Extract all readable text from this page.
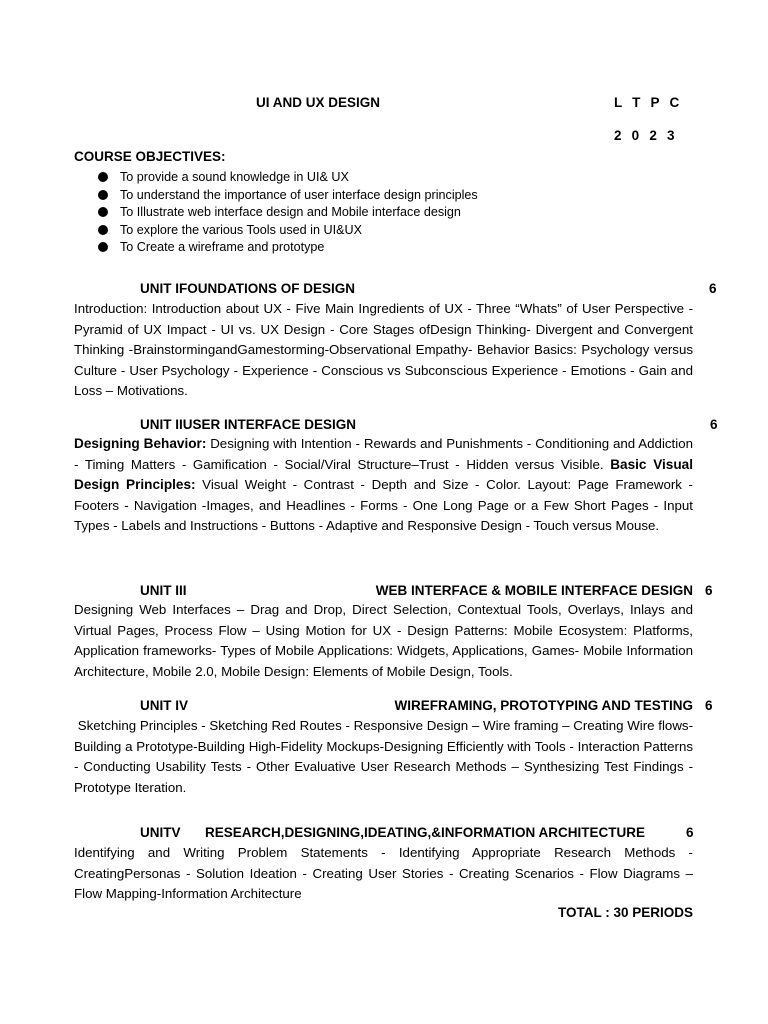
UI AND UX DESIGN	L T P C
2 0 2 3
COURSE OBJECTIVES:
To provide a sound knowledge in UI& UX
To understand the importance of user interface design principles
To Illustrate web interface design and Mobile interface design
To explore the various Tools used in UI&UX
To Create a wireframe and prototype
UNIT IFOUNDATIONS OF DESIGN	6

Introduction: Introduction about UX - Five Main Ingredients of UX - Three “Whats” of User Perspective - Pyramid of UX Impact - UI vs. UX Design - Core Stages ofDesign Thinking- Divergent and Convergent Thinking -BrainstormingandGamestorming-Observational Empathy- Behavior Basics: Psychology versus Culture - User Psychology - Experience - Conscious vs Subconscious Experience - Emotions - Gain and Loss – Motivations.

UNIT IIUSER INTERFACE DESIGN	6

Designing Behavior: Designing with Intention - Rewards and Punishments - Conditioning and Addiction - Timing Matters - Gamification - Social/Viral Structure–Trust - Hidden versus Visible. Basic Visual Design Principles: Visual Weight - Contrast - Depth and Size - Color. Layout: Page Framework - Footers - Navigation -Images, and Headlines - Forms - One Long Page or a Few Short Pages - Input Types - Labels and Instructions - Buttons - Adaptive and Responsive Design - Touch versus Mouse.

UNIT III	WEB INTERFACE & MOBILE INTERFACE DESIGN 6

Designing Web Interfaces – Drag and Drop, Direct Selection, Contextual Tools, Overlays, Inlays and Virtual Pages, Process Flow – Using Motion for UX - Design Patterns: Mobile Ecosystem: Platforms, Application frameworks- Types of Mobile Applications: Widgets, Applications, Games- Mobile Information Architecture, Mobile 2.0, Mobile Design: Elements of Mobile Design, Tools.

UNIT IV	WIREFRAMING, PROTOTYPING AND TESTING 6

Sketching Principles - Sketching Red Routes - Responsive Design – Wire framing – Creating Wire flows-Building a Prototype-Building High-Fidelity Mockups-Designing Efficiently with Tools - Interaction Patterns - Conducting Usability Tests - Other Evaluative User Research Methods – Synthesizing Test Findings -Prototype Iteration.

UNITV RESEARCH,DESIGNING,IDEATING,&INFORMATION ARCHITECTURE	6

Identifying and Writing Problem Statements - Identifying Appropriate Research Methods - CreatingPersonas - Solution Ideation - Creating User Stories - Creating Scenarios - Flow Diagrams – Flow Mapping-Information Architecture

TOTAL : 30 PERIODS
